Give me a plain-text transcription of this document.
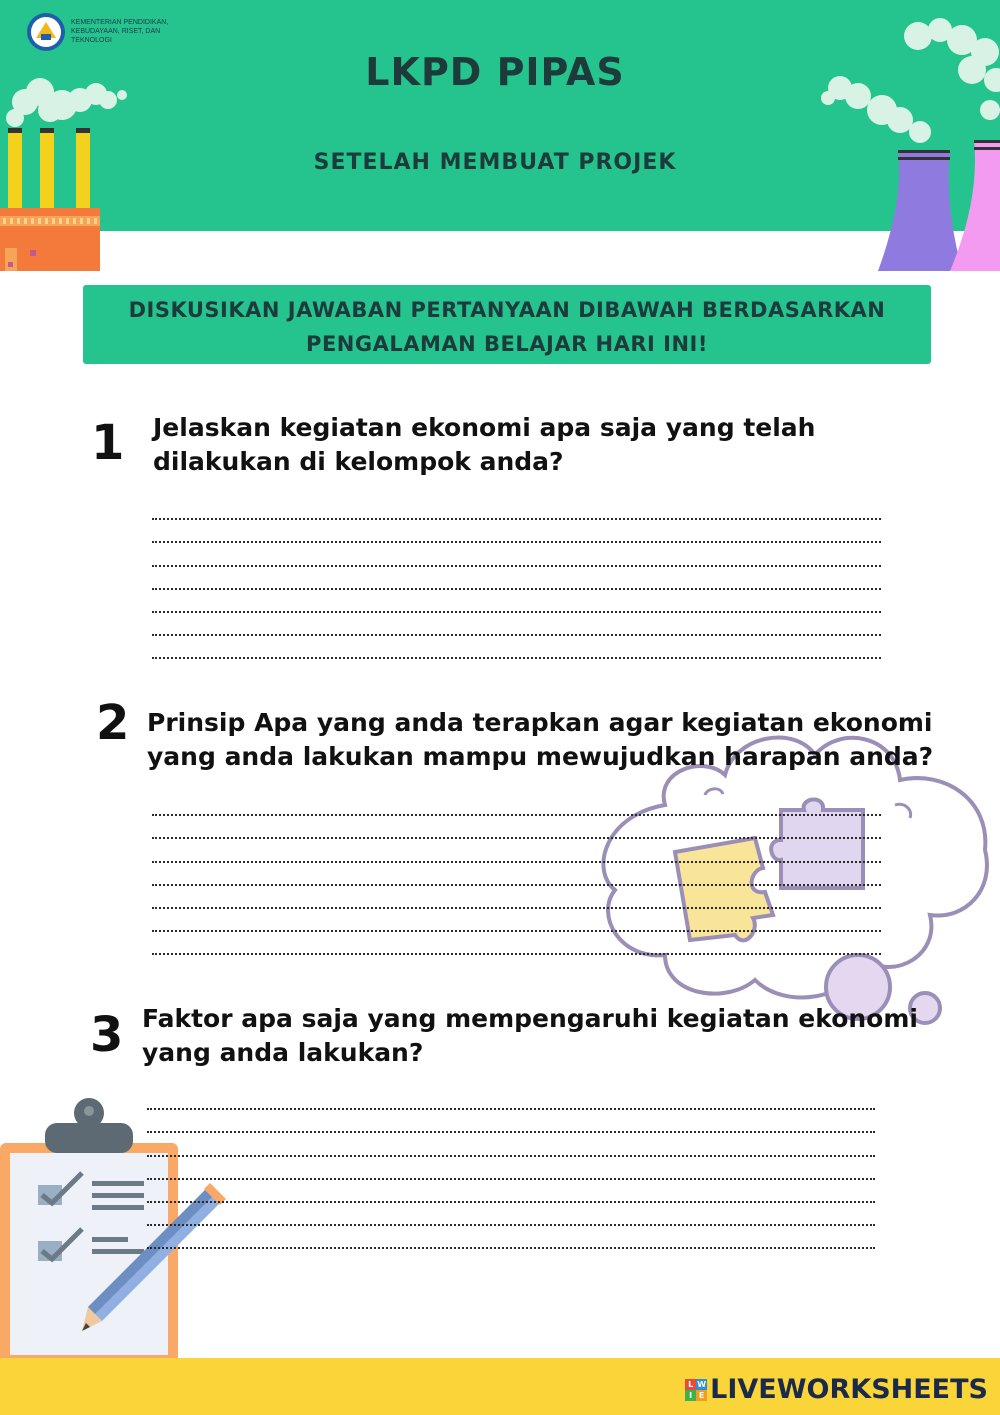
KEMENTERIAN PENDIDIKAN,
KEBUDAYAAN, RISET, DAN
TEKNOLOGI
LKPD PIPAS
SETELAH MEMBUAT PROJEK
DISKUSIKAN JAWABAN PERTANYAAN DIBAWAH BERDASARKAN
PENGALAMAN BELAJAR HARI INI!
1 Jelaskan kegiatan ekonomi apa saja yang telah
dilakukan di kelompok anda?
2 Prinsip Apa yang anda terapkan agar kegiatan ekonomi
yang anda lakukan mampu mewujudkan harapan anda?
3 Faktor apa saja yang mempengaruhi kegiatan ekonomi
yang anda lakukan?
L W
I E LIVEWORKSHEETS
